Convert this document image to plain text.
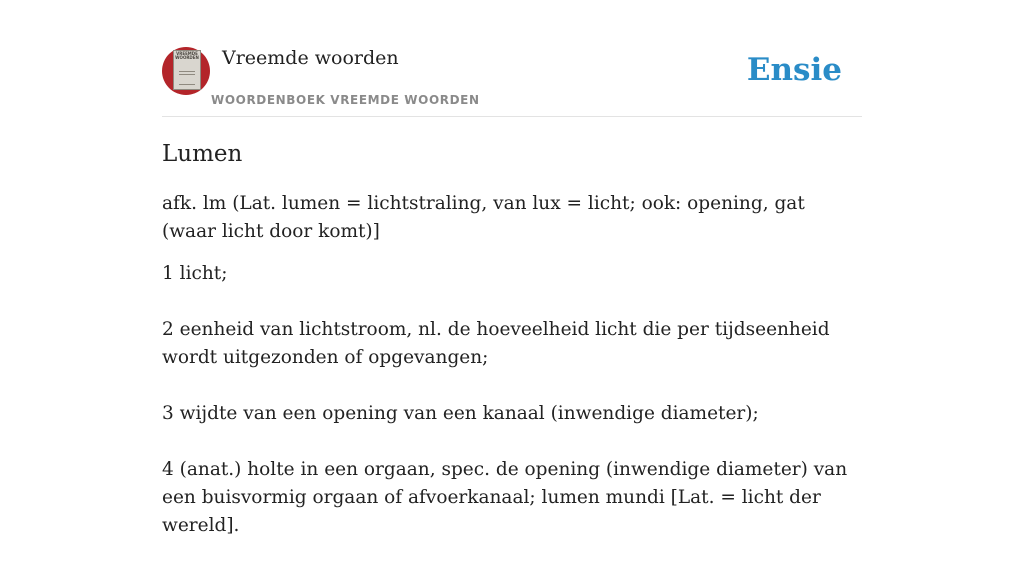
VREEMDE WOORDEN Vreemde woorden
WOORDENBOEK VREEMDE WOORDEN
Ensie
Lumen

afk. lm (Lat. lumen = lichtstraling, van lux = licht; ook: opening, gat (waar licht door komt)]

1 licht;

2 eenheid van lichtstroom, nl. de hoeveelheid licht die per tijdseenheid wordt uitgezonden of opgevangen;

3 wijdte van een opening van een kanaal (inwendige diameter);

4 (anat.) holte in een orgaan, spec. de opening (inwendige diameter) van een buisvormig orgaan of afvoerkanaal; lumen mundi [Lat. = licht der wereld].
